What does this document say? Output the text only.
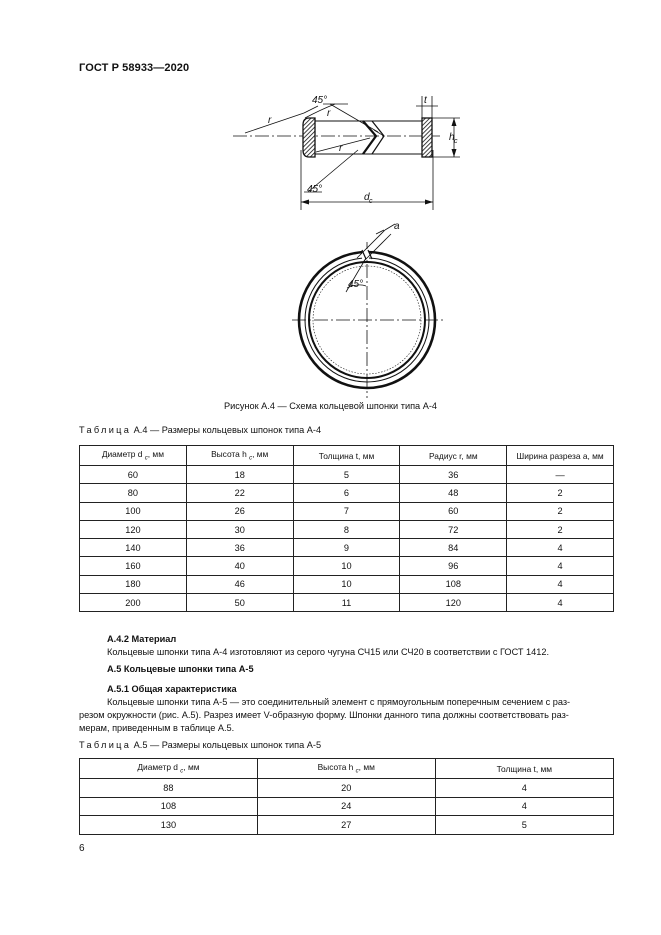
ГОСТ Р 58933—2020
45°
r
r
r
45°
d c
t
h c
a
45°
Рисунок А.4 — Схема кольцевой шпонки типа А-4
Таблица А.4 — Размеры кольцевых шпонок типа А-4
Диаметр d $_c$, мм	Высота h $_c$, мм	Толщина t, мм	Радиус r, мм	Ширина разреза a, мм
60	18	5	36	—
80	22	6	48	2
100	26	7	60	2
120	30	8	72	2
140	36	9	84	4
160	40	10	96	4
180	46	10	108	4
200	50	11	120	4
А.4.2 Материал
Кольцевые шпонки типа А-4 изготовляют из серого чугуна СЧ15 или СЧ20 в соответствии с ГОСТ 1412.
А.5 Кольцевые шпонки типа А-5
А.5.1 Общая характеристика
Кольцевые шпонки типа А-5 — это соединительный элемент с прямоугольным поперечным сечением с раз-
резом окружности (рис. А.5). Разрез имеет V-образную форму. Шпонки данного типа должны соответствовать раз-
мерам, приведенным в таблице А.5.
Таблица А.5 — Размеры кольцевых шпонок типа А-5
Диаметр d $_c$, мм	Высота h $_c$, мм	Толщина t, мм
88	20	4
108	24	4
130	27	5
6
